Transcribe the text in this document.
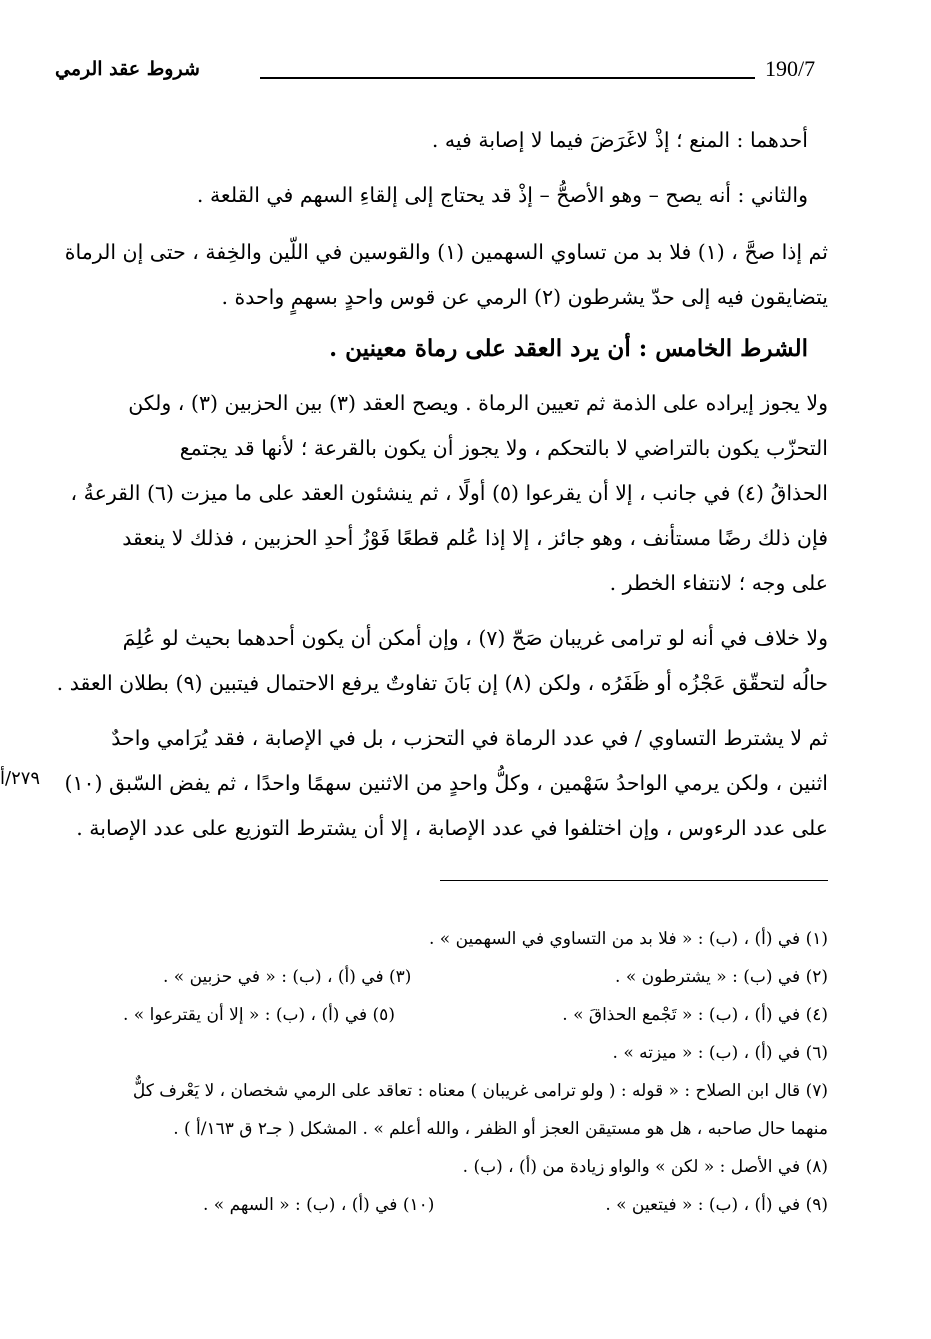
190/7
شروط عقد الرمي
أحدهما : المنع ؛ إذْ لاغَرَضَ فيما لا إصابة فيه .
والثاني : أنه يصح – وهو الأصحُّ – إذْ قد يحتاج إلى إلقاءِ السهم في القلعة .
ثم إذا صحَّ ، (١) فلا بد من تساوي السهمين (١) والقوسين في اللّين والخِفة ، حتى إن الرماة
يتضايقون فيه إلى حدّ يشرطون (٢) الرمي عن قوس واحدٍ بسهمٍ واحدة .
الشرط الخامس : أن يرد العقد على رماة معينين .
ولا يجوز إيراده على الذمة ثم تعيين الرماة . ويصح العقد (٣) بين الحزبين (٣) ، ولكن
التحزّب يكون بالتراضي لا بالتحكم ، ولا يجوز أن يكون بالقرعة ؛ لأنها قد يجتمع
الحذاقُ (٤) في جانب ، إلا أن يقرعوا (٥) أولًا ، ثم ينشئون العقد على ما ميزت (٦) القرعةُ ،
فإن ذلك رضًا مستأنف ، وهو جائز ، إلا إذا عُلم قطعًا فَوْزُ أحدِ الحزبين ، فذلك لا ينعقد
على وجه ؛ لانتفاء الخطر .
ولا خلاف في أنه لو ترامى غريبان صَحّ (٧) ، وإن أمكن أن يكون أحدهما بحيث لو عُلِمَ
حالُه لتحقّق عَجْزُه أو ظَفَرُه ، ولكن (٨) إن بَانَ تفاوتٌ يرفع الاحتمال فيتبين (٩) بطلان العقد .
ثم لا يشترط التساوي / في عدد الرماة في التحزب ، بل في الإصابة ، فقد يُرَامي واحدٌ
اثنين ، ولكن يرمي الواحدُ سَهْمين ، وكلُّ واحدٍ من الاثنين سهمًا واحدًا ، ثم يفض السّبق (١٠)
على عدد الرءوس ، وإن اختلفوا في عدد الإصابة ، إلا أن يشترط التوزيع على عدد الإصابة .
٢٧٩/أ
(١) في (أ) ، (ب) : « فلا بد من التساوي في السهمين » .
(٢) في (ب) : « يشترطون » .
(٣) في (أ) ، (ب) : « في حزبين » .
(٤) في (أ) ، (ب) : « تَجْمع الحذاقَ » .
(٥) في (أ) ، (ب) : « إلا أن يقترعوا » .
(٦) في (أ) ، (ب) : « ميزته » .
(٧) قال ابن الصلاح : « قوله : ( ولو ترامى غريبان ) معناه : تعاقد على الرمي شخصان ، لا يَعْرف كلٌّ
منهما حال صاحبه ، هل هو مستيقن العجز أو الظفر ، والله أعلم » . المشكل ( جـ٢ ق ١٦٣/أ ) .
(٨) في الأصل : « لكن » والواو زيادة من (أ) ، (ب) .
(٩) في (أ) ، (ب) : « فيتعين » .
(١٠) في (أ) ، (ب) : « السهم » .
